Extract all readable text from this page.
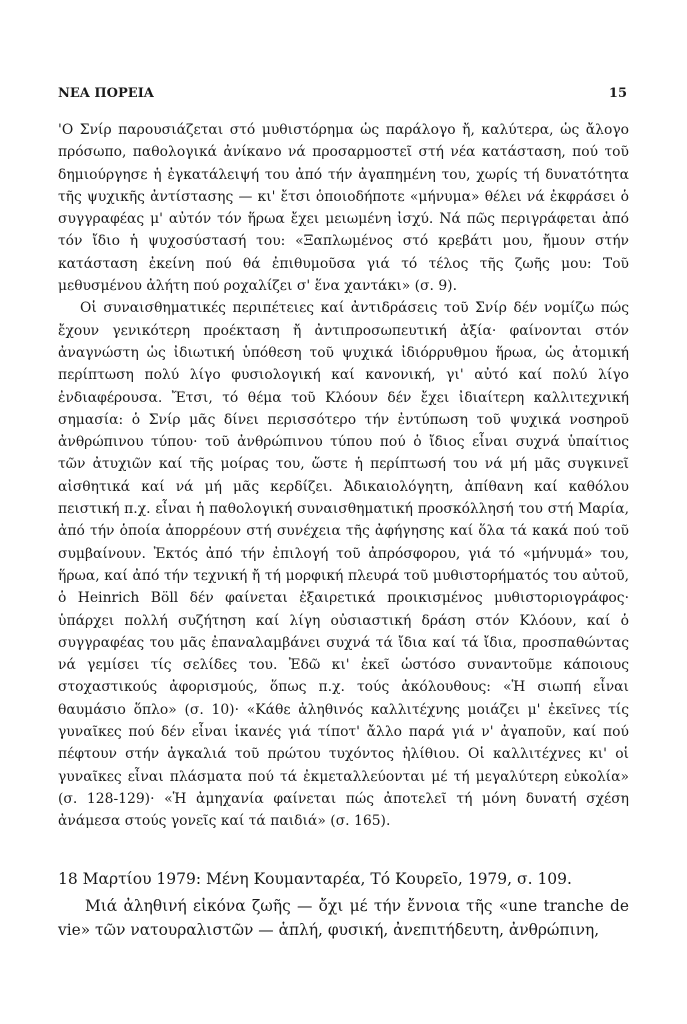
ΝΕΑ ΠΟΡΕΙΑ	15

'Ο Σνίρ παρουσιάζεται στό μυθιστόρημα ὡς παράλογο ἤ, καλύτερα, ὡς ἄλογο πρόσωπο, παθολογικά ἀνίκανο νά προσαρμοστεῖ στή νέα κατάσταση, πού τοῦ δημιούργησε ἡ ἐγκατάλειψή του ἀπό τήν ἀγαπημένη του, χωρίς τή δυνατότητα τῆς ψυχικῆς ἀντίστασης — κι' ἔτσι ὁποιοδήποτε «μήνυμα» θέλει νά ἐκφράσει ὁ συγγραφέας μ' αὐτόν τόν ἥρωα ἔχει μειωμένη ἰσχύ. Νά πῶς περιγράφεται ἀπό τόν ἴδιο ἡ ψυχοσύστασή του: «Ξαπλωμένος στό κρεβάτι μου, ἤμουν στήν κατάσταση ἐκείνη πού θά ἐπιθυμοῦσα γιά τό τέλος τῆς ζωῆς μου: Τοῦ μεθυσμένου ἀλήτη πού ροχαλίζει σ' ἕνα χαντάκι» (σ. 9).

Οἱ συναισθηματικές περιπέτειες καί ἀντιδράσεις τοῦ Σνίρ δέν νομίζω πώς ἔχουν γενικότερη προέκταση ἤ ἀντιπροσωπευτική ἀξία· φαίνονται στόν ἀναγνώστη ὡς ἰδιωτική ὑπόθεση τοῦ ψυχικά ἰδιόρρυθμου ἥρωα, ὡς ἀτομική περίπτωση πολύ λίγο φυσιολογική καί κανονική, γι' αὐτό καί πολύ λίγο ἐνδιαφέρουσα. Ἔτσι, τό θέμα τοῦ Κλόουν δέν ἔχει ἰδιαίτερη καλλιτεχνική σημασία: ὁ Σνίρ μᾶς δίνει περισσότερο τήν ἐντύπωση τοῦ ψυχικά νοσηροῦ ἀνθρώπινου τύπου· τοῦ ἀνθρώπινου τύπου πού ὁ ἴδιος εἶναι συχνά ὑπαίτιος τῶν ἀτυχιῶν καί τῆς μοίρας του, ὥστε ἡ περίπτωσή του νά μή μᾶς συγκινεῖ αἰσθητικά καί νά μή μᾶς κερδίζει. Ἀδικαιολόγητη, ἀπίθανη καί καθόλου πειστική π.χ. εἶναι ἡ παθολογική συναισθηματική προσκόλλησή του στή Μαρία, ἀπό τήν ὁποία ἀπορρέουν στή συνέχεια τῆς ἀφήγησης καί ὅλα τά κακά πού τοῦ συμβαίνουν. Ἐκτός ἀπό τήν ἐπιλογή τοῦ ἀπρόσφορου, γιά τό «μήνυμά» του, ἥρωα, καί ἀπό τήν τεχνική ἤ τή μορφική πλευρά τοῦ μυθιστορήματός του αὐτοῦ, ὁ Heinrich Böll δέν φαίνεται ἐξαιρετικά προικισμένος μυθιστοριογράφος· ὑπάρχει πολλή συζήτηση καί λίγη οὐσιαστική δράση στόν Κλόουν, καί ὁ συγγραφέας του μᾶς ἐπαναλαμβάνει συχνά τά ἴδια καί τά ἴδια, προσπαθώντας νά γεμίσει τίς σελίδες του. Ἐδῶ κι' ἐκεῖ ὡστόσο συναντοῦμε κάποιους στοχαστικούς ἀφορισμούς, ὅπως π.χ. τούς ἀκόλουθους: «Ἡ σιωπή εἶναι θαυμάσιο ὅπλο» (σ. 10)· «Κάθε ἀληθινός καλλιτέχνης μοιάζει μ' ἐκεῖνες τίς γυναῖκες πού δέν εἶναι ἱκανές γιά τίποτ' ἄλλο παρά γιά ν' ἀγαποῦν, καί πού πέφτουν στήν ἀγκαλιά τοῦ πρώτου τυχόντος ἠλίθιου. Οἱ καλλιτέχνες κι' οἱ γυναῖκες εἶναι πλάσματα πού τά ἐκμεταλλεύονται μέ τή μεγαλύτερη εὐκολία» (σ. 128-129)· «Ἡ ἀμηχανία φαίνεται πώς ἀποτελεῖ τή μόνη δυνατή σχέση ἀνάμεσα στούς γονεῖς καί τά παιδιά» (σ. 165).

18 Μαρτίου 1979: Μένη Κουμανταρέα, Τό Κουρεῖο, 1979, σ. 109.
Μιά ἀληθινή εἰκόνα ζωῆς — ὄχι μέ τήν ἔννοια τῆς «une tranche de vie» τῶν νατουραλιστῶν — ἁπλή, φυσική, ἀνεπιτήδευτη, ἀνθρώπινη,
